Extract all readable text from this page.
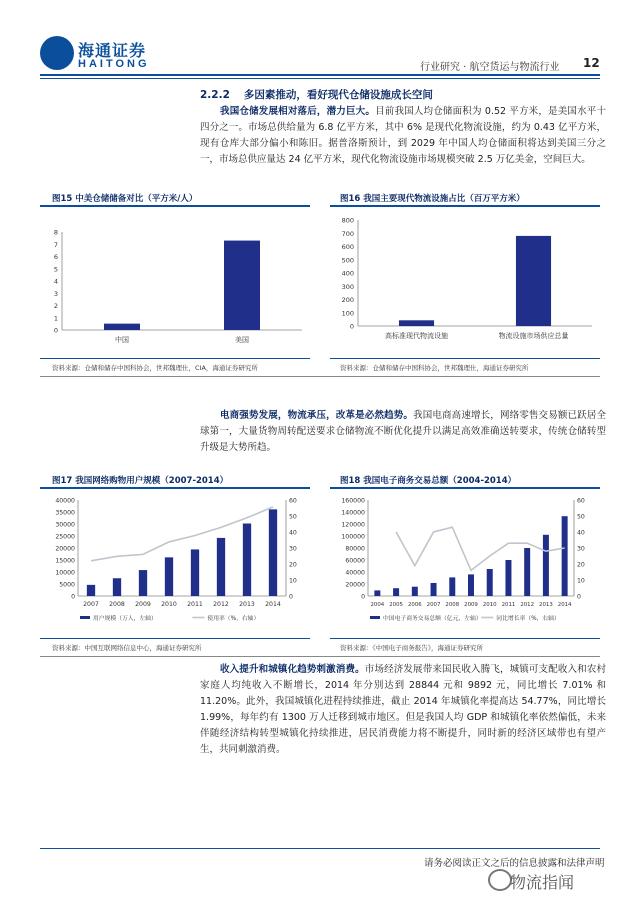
海通证券
HAITONG	行业研究 · 航空货运与物流行业 12
2.2.2 多因素推动，看好现代仓储设施成长空间
我国仓储发展相对落后，潜力巨大。目前我国人均仓储面积为 0.52 平方米，是美国水平十四分之一。市场总供给量为 6.8 亿平方米，其中 6% 是现代化物流设施，约为 0.43 亿平方米，现有仓库大部分偏小和陈旧。据普洛斯预计，到 2029 年中国人均仓储面积将达到美国三分之一，市场总供应量达 24 亿平方米，现代化物流设施市场规模突破 2.5 万亿美金，空间巨大。
图15 中美仓储储备对比（平方米/人）
0
1
2
3
4
5
6
7
8
中国	美国
图16 我国主要现代物流设施占比（百万平方米）
0
100
200
300
400
500
600
700
800
高标准现代物流设施	物流设施市场供应总量
资料来源：仓储和储存中国科协会，世邦魏理仕，CIA，海通证券研究所	资料来源：仓储和储存中国科协会，世邦魏理仕，海通证券研究所
电商强势发展，物流承压，改革是必然趋势。我国电商高速增长，网络零售交易额已跃居全球第一，大量货物周转配送要求仓储物流不断优化提升以满足高效准确送转要求，传统仓储转型升级是大势所趋。
图17 我国网络购物用户规模（2007-2014）
0
5000
10000
15000
20000
25000
30000
35000
40000
0
10
20
30
40
50
60
2007 2008 2009 2010 2011 2012 2013 2014
用户规模（万人，左轴）	使用率（%，右轴）
图18 我国电子商务交易总额（2004-2014）
0
20000
40000
60000
80000
100000
120000
140000
160000
0
10
20
30
40
50
60
2004 2005 2006 2007 2008 2009 2010 2011 2012 2013 2014
中国电子商务交易总额（亿元，左轴）	同比增长率（%，右轴）
资料来源：中国互联网络信息中心，海通证券研究所	资料来源：《中国电子商务报告》，海通证券研究所
收入提升和城镇化趋势刺激消费。市场经济发展带来国民收入腾飞，城镇可支配收入和农村家庭人均纯收入不断增长，2014 年分别达到 28844 元和 9892 元，同比增长 7.01% 和 11.20%。此外，我国城镇化进程持续推进，截止 2014 年城镇化率提高达 54.77%，同比增长 1.99%，每年约有 1300 万人迁移到城市地区。但是我国人均 GDP 和城镇化率依然偏低，未来伴随经济结构转型城镇化持续推进，居民消费能力将不断提升，同时新的经济区域带也有望产生，共同刺激消费。
请务必阅读正文之后的信息披露和法律声明
物流指闻
